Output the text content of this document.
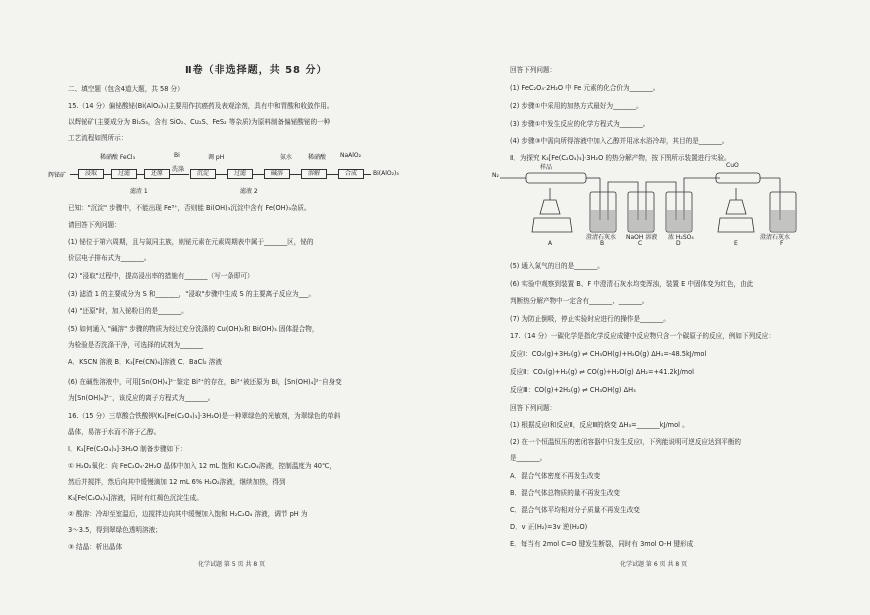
Ⅱ卷（非选择题，共 58 分）
二、填空题（包含4道大题，共 58 分）
15.（14 分）偏铋酸铋(Bi(AlO₂)₃)主要用作抗癌药及表观涂剂，具有中和胃酸和收敛作用。
以辉铋矿(主要成分为 Bi₂S₃，含有 SiO₂、Cu₂S、FeS₂ 等杂质)为原料制备偏铋酸铋的一种
工艺流程如图所示：
稀硝酸 FeCl₃	Bi	调 pH	氨水	稀硝酸 NaAlO₂
辉铋矿	浸取	过滤	还原
洗涤
沉淀	过滤	碱溶	溶解	合成	Bi(AlO₂)₃
滤渣 1	滤液 2
已知："沉淀" 步骤中，不能出现 Fe³⁺，否则能 Bi(OH)₃沉淀中含有 Fe(OH)₃杂质。
请回答下列问题：
(1) 铋位于第六周期，且与氮同主族，则铋元素在元素周期表中属于_______区，铋的
价层电子排布式为_______。
(2) "浸取"过程中，提高浸出率的措施有_______（写一条即可）
(3) 滤渣 1 的主要成分为 S 和_______，"浸取"步骤中生成 S 的主要离子反应为___。
(4) "还原"时，加入铋粉目的是_______。
(5) 如何通入 "碱溶" 步骤的物质为经过充分洗涤的 Cu(OH)₂和 Bi(OH)₃ 固体混合物，
为检验是否洗涤干净，可选择的试剂为_______
A．KSCN 溶液 B．K₃[Fe(CN)₆]溶液 C．BaCl₂ 溶液
(6) 在碱性溶液中，可用[Sn(OH)₄]²⁻鉴定 Bi³⁺的存在，Bi³⁺被还原为 Bi，[Sn(OH)₄]²⁻自身变
为[Sn(OH)₆]²⁻，该反应的离子方程式为_______。
16.（15 分）三草酸合铁酸钾(K₃[Fe(C₂O₄)₃]·3H₂O)是一种翠绿色的光敏剂，为翠绿色的单斜
晶体，易溶于水而不溶于乙醇。
Ⅰ．K₃[Fe(C₂O₄)₃]·3H₂O 制备步骤如下：
① H₂O₂氧化：向 FeC₂O₄·2H₂O 晶体中加入 12 mL 饱和 K₂C₂O₄溶液，控制温度为 40℃，
然后并搅拌，然后向其中缓慢滴加 12 mL 6% H₂O₂溶液，继续加热，得到
K₃[Fe(C₂O₄)₃]溶液，同时有红褐色沉淀生成。
② 酸溶：冷却至室温后，边搅拌边向其中缓慢加入饱和 H₂C₂O₄ 溶液，调节 pH 为
3～3.5，得到翠绿色透明溶液；
③ 结晶：析出晶体
化学试题 第 5 页 共 8 页
回答下列问题：
(1) FeC₂O₄·2H₂O 中 Fe 元素的化合价为_______。
(2) 步骤①中采用的加热方式最好为_______。
(3) 步骤①中发生反应的化学方程式为_______。
(4) 步骤③中需向所得溶液中加入乙醇并用冰水浴冷却，其目的是_______。
Ⅱ．为探究 K₃[Fe(C₂O₄)₃]·3H₂O 的热分解产物，按下图所示装置进行实验。
N₂
样品	CuO
澄清石灰水 NaOH 溶液 浓 H₂SO₄	澄清石灰水
A	B	C	D	E	F
(5) 通入氮气的目的是_______。
(6) 实验中观察到装置 B、F 中澄清石灰水均变浑浊，装置 E 中固体变为红色，由此
判断热分解产物中一定含有_______、_______。
(7) 为防止倒吸，停止实验时应进行的操作是_______。
17.（14 分）一碳化学是指化学反应成键中反应物只含一个碳原子的反应，例如下列反应：
反应Ⅰ：CO₂(g)+3H₂(g) ⇌ CH₃OH(g)+H₂O(g) ΔH₁=-48.5kJ/mol
反应Ⅱ：CO₂(g)+H₂(g) ⇌ CO(g)+H₂O(g) ΔH₂=+41.2kJ/mol
反应Ⅲ：CO(g)+2H₂(g) ⇌ CH₃OH(g) ΔH₃
回答下列问题：
(1) 根据反应Ⅰ和反应Ⅱ，反应Ⅲ的焓变 ΔH₃=_______kJ/mol 。
(2) 在一个恒温恒压的密闭容器中只发生反应Ⅰ，下列能说明可逆反应达到平衡的
是_______。
A．混合气体密度不再发生改变
B．混合气体总物质的量不再发生改变
C．混合气体平均相对分子质量不再发生改变
D．v 正(H₂)=3v 逆(H₂O)
E．每当有 2mol C=O 键发生断裂，同时有 3mol O-H 键形成
化学试题 第 6 页 共 8 页
